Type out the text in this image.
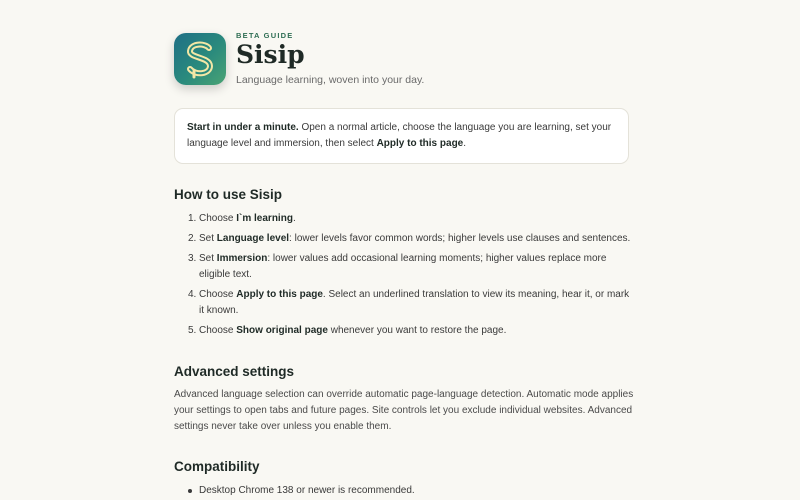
BETA GUIDE
Sisip
Language learning, woven into your day.
Start in under a minute. Open a normal article, choose the language you are learning, set your language level and immersion, then select Apply to this page.
How to use Sisip
1. Choose I`m learning.
2. Set Language level: lower levels favor common words; higher levels use clauses and sentences.
3. Set Immersion: lower values add occasional learning moments; higher values replace more eligible text.
4. Choose Apply to this page. Select an underlined translation to view its meaning, hear it, or mark it known.
5. Choose Show original page whenever you want to restore the page.
Advanced settings

Advanced language selection can override automatic page-language detection. Automatic mode applies your settings to open tabs and future pages. Site controls let you exclude individual websites. Advanced settings never take over unless you enable them.

Compatibility
Desktop Chrome 138 or newer is recommended.
